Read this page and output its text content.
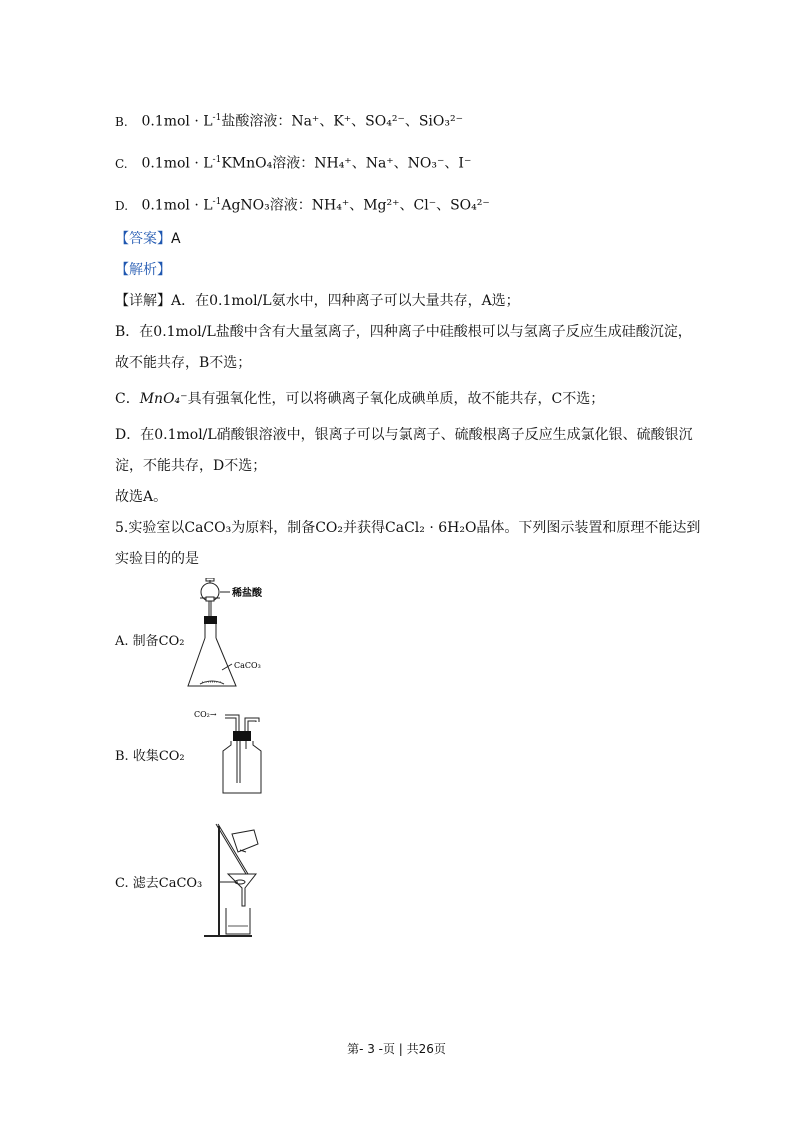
B. $0.1mol \cdot L^{-1}$盐酸溶液：Na⁺、K⁺、SO₄²⁻、SiO₃²⁻
C. $0.1mol \cdot L^{-1}KMnO_4$溶液：NH₄⁺、Na⁺、NO₃⁻、I⁻
D. $0.1mol \cdot L^{-1}AgNO_3$溶液：NH₄⁺、Mg²⁺、Cl⁻、SO₄²⁻
【答案】A
【解析】
【详解】A．在0.1mol/L氨水中，四种离子可以大量共存，A选；
B．在0.1mol/L盐酸中含有大量氢离子，四种离子中硅酸根可以与氢离子反应生成硅酸沉淀，
故不能共存，B不选；
C．MnO₄⁻具有强氧化性，可以将碘离子氧化成碘单质，故不能共存，C不选；
D．在0.1mol/L硝酸银溶液中，银离子可以与氯离子、硫酸根离子反应生成氯化银、硫酸银沉
淀，不能共存，D不选；
故选A。
5.实验室以CaCO₃为原料，制备CO₂并获得CaCl₂ · 6H₂O晶体。下列图示装置和原理不能达到
实验目的的是
A. 制备CO₂
稀盐酸
CaCO₃
B. 收集CO₂
CO₂→
C. 滤去CaCO₃
第- 3 -页 | 共26页
